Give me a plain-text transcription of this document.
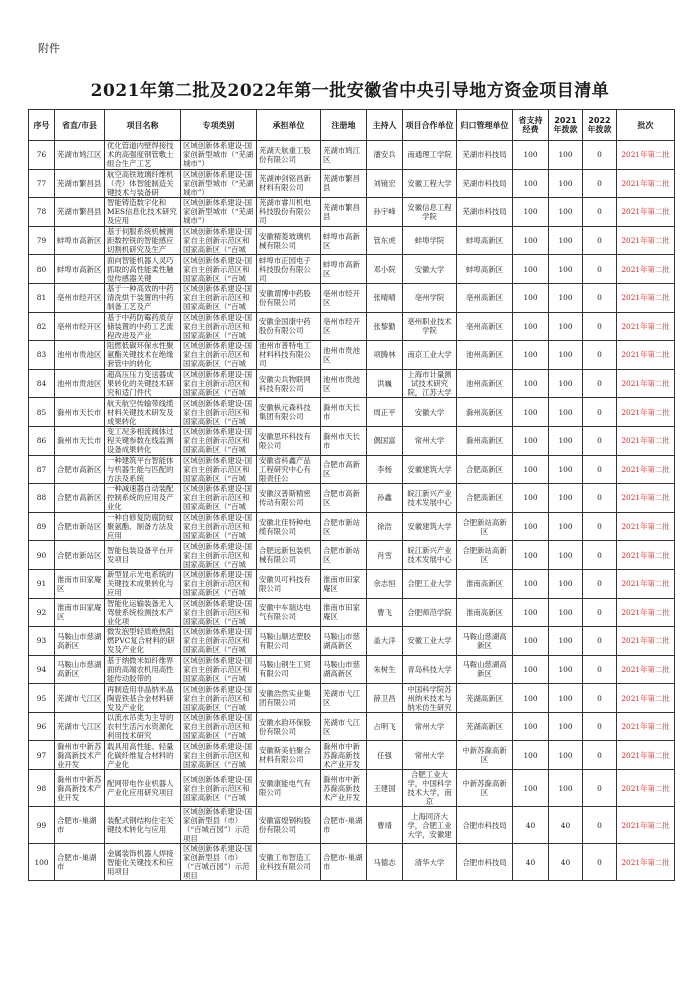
附件
2021年第二批及2022年第一批安徽省中央引导地方资金项目清单
序号	省直/市县	项目名称	专项类别	承担单位	注册地	主持人	项目合作单位	归口管理单位	省支持经费	2021年拨款	2022年拨款	批次
76	芜湖市鸠江区	优化管道内壁焊接技术的高强度钢管敷土组合生产工艺	区域创新体系建设-国家创新型城市（“芜湖城市”）	芜湖天航重工股份有限公司	芜湖市鸠江区	潘安兵	南通理工学院	芜湖市科技局	100	100	0	2021年第二批
77	芜湖市繁昌县	航空高铁玻璃纤维机（壳）体智能制造关键技术与装备研	区域创新体系建设-国家创新型城市（“芜湖城市”）	芜湖神剑铭昌新材料有限公司	芜湖市繁昌县	刘镜宏	安徽工程大学	芜湖市科技局	100	100	0	2021年第二批
78	芜湖市繁昌县	智能铸造数字化和MES信息化技术研究及应用	区域创新体系建设-国家创新型城市（“芜湖城市”）	芜湖市睿川机电科技股份有限公司	芜湖市繁昌县	孙宇峰	安徽信息工程学院	芜湖市科技局	100	100	0	2021年第二批
79	蚌埠市高新区	基于伺服系统机械测距数控铣的智能感应切割机研究及生产	区域创新体系建设-国家自主创新示范区和国家高新区（“百城	安徽精菱玻璃机械有限公司	蚌埠市高新区	管东虎	蚌埠学院	蚌埠高新区	100	100	0	2021年第二批
80	蚌埠市高新区	面向智能机器人灵巧抓取的高性能柔性触觉传感器关键	区域创新体系建设-国家自主创新示范区和国家高新区（“百城	蚌埠市正园电子科技股份有限公司	蚌埠市高新区	邓小院	安徽大学	蚌埠高新区	100	100	0	2021年第二批
81	亳州市经开区	基于一种高效的中药清洗烘干装置的中药制备工艺及产	区域创新体系建设-国家自主创新示范区和国家高新区（“百城	安徽谓博中药股份有限公司	亳州市经开区	张晴晴	亳州学院	亳州高新区	100	100	0	2021年第二批
82	亳州市经开区	基于中药防霉药质存储装置的中药工艺流程改进及产业	区域创新体系建设-国家自主创新示范区和国家高新区（“百城	安徽金国康中药股份有限公司	亳州市经开区	张黎勤	亳州职业技术学院	亳州高新区	100	100	0	2021年第二批
83	池州市贵池区	阻燃低碳环保水性聚氨酯关键技术在绝缘套管中的转化	区域创新体系建设-国家自主创新示范区和国家高新区（“百城	池州市普特电工材料科技有限公司	池州市贵池区	项腾林	南京工业大学	池州高新区	100	100	0	2021年第二批
84	池州市贵池区	超高压压力变送器成果转化的关键技术研究和适门件代	区域创新体系建设-国家自主创新示范区和国家高新区（“百城	安徽尖兵物联网科技有限公司	池州市贵池区	洪巍	上海市计量测试技术研究院，江苏大学	池州高新区	100	100	0	2021年第二批
85	滁州市天长市	航天航空传输带线缆材料关键技术研发及成果转化	区域创新体系建设-国家自主创新示范区和国家高新区（“百城	安徽枞元森科技集团有限公司	滁州市天长市	周正平	安徽大学	滁州高新区	100	100	0	2021年第二批
86	滁州市天长市	变工况多相流阀体过程关键参数在线监测设备成果转化	区域创新体系建设-国家自主创新示范区和国家高新区（“百城	安徽思环科技有限公司	滁州市天长市	偶国富	常州大学	滁州高新区	100	100	0	2021年第二批
87	合肥市高新区	一种建筑平台智能体与机器生能与匹配的方法及系统	区域创新体系建设-国家自主创新示范区和国家高新区（“百城	安徽省科鑫产品工程研究中心有限责任公	合肥市高新区	李杨	安徽建筑大学	合肥高新区	100	100	0	2021年第二批
88	合肥市高新区	一种减速器自动装配控制系统的应用及产业化	区域创新体系建设-国家自主创新示范区和国家高新区（“百城	安徽汉普斯精密传动有限公司	合肥市高新区	孙鑫	皖江新兴产业技术发展中心	合肥高新区	100	100	0	2021年第二批
89	合肥市新站区	一种自修复防腐防蚊聚氨酯、制备方法及应用	区域创新体系建设-国家自主创新示范区和国家高新区（“百城	安徽北佳特种电缆有限公司	合肥市新站区	徐浩	安徽建筑大学	合肥新站高新区	100	100	0	2021年第二批
90	合肥市新站区	智能包装设备平台开发项目	区域创新体系建设-国家自主创新示范区和国家高新区（“百城	合肥远新包装机械有限公司	合肥市新站区	肖雪	皖江新兴产业技术发展中心	合肥新站高新区	100	100	0	2021年第二批
91	淮南市田家庵区	新型显示光电系统的关键技术成果转化与应用	区域创新体系建设-国家自主创新示范区和国家高新区（“百城	安徽贝可科技有限公司	淮南市田家庵区	余志恒	合肥工业大学	淮南高新区	100	100	0	2021年第二批
92	淮南市田家庵区	智能化运输装备无人驾驶系统检测技术产业化项	区域创新体系建设-国家自主创新示范区和国家高新区（“百城	安徽中车瑞达电气有限公司	淮南市田家庵区	曹飞	合肥师范学院	淮南高新区	100	100	0	2021年第二批
93	马鞍山市慈湖高新区	微发泡型轻质绝热阻燃PVC复合材料的研发及产业化	区域创新体系建设-国家自主创新示范区和国家高新区（“百城	马鞍山顺达塑胶有限公司	马鞍山市慈湖高新区	盖大洋	安徽工业大学	马鞍山慈湖高新区	100	100	0	2021年第二批
94	马鞍山市慈湖高新区	基于纳微米如纤维界面的高端农机用高性能传动胶带的	区域创新体系建设-国家自主创新示范区和国家高新区（“百城	马鞍山钢生工贸有限公司	马鞍山市慈湖高新区	朱树生	青岛科技大学	马鞍山慈湖高新区	100	100	0	2021年第二批
95	芜湖市弋江区	再制造用非晶纳米晶陶瓷铁基合金材料研发及产业化	区域创新体系建设-国家自主创新示范区和国家高新区（“百城	安徽浩然实业集团有限公司	芜湖市弋江区	薛卫昌	中国科学院苏州纳米技术与纳米仿生研究	芜湖高新区	100	100	0	2021年第二批
96	芜湖市弋江区	以流水吊类为主导的农村生活污水资源化利用技术研究	区域创新体系建设-国家自主创新示范区和国家高新区（“百城	安徽水韵环保股份有限公司	芜湖市弋江区	占明飞	常州大学	芜湖高新区	100	100	0	2021年第二批
97	滁州市中新苏滁高新技术产业开发	载具用高性能、轻量化碳纤维复合材料的产业化	区域创新体系建设-国家自主创新示范区和国家高新区（“百城	安徽斯美伯聚合材料有限公司	滁州市中新苏滁高新技术产业开发	任强	常州大学	中新苏滁高新区	100	100	0	2021年第二批
98	滁州市中新苏滁高新技术产业开发	配网带电作业机器人产业化应用研究项目	区域创新体系建设-国家自主创新示范区和国家高新区（“百城	安徽康能电气有限公司	滁州市中新苏滁高新技术产业开发	王建国	合肥工业大学，中国科学技术大学，南京	中新苏滁高新区	100	100	0	2021年第二批
99	合肥市-巢湖市	装配式钢结构住宅关键技术转化与应用	区域创新体系建设-国家创新型县（市）（“百城百园”）示范项目	安徽富煌钢构股份有限公司	合肥市-巢湖市	曹靖	上海同济大学，合肥工业大学，安徽建	合肥市科技局	40	40	0	2021年第二批
100	合肥市-巢湖市	金属装饰机器人焊接智能化关键技术和应用项目	区域创新体系建设-国家创新型县（市）（“百城百园”）示范项目	安徽工布智造工业科技有限公司	合肥市-巢湖市	马德志	清华大学	合肥市科技局	40	40	0	2021年第二批
